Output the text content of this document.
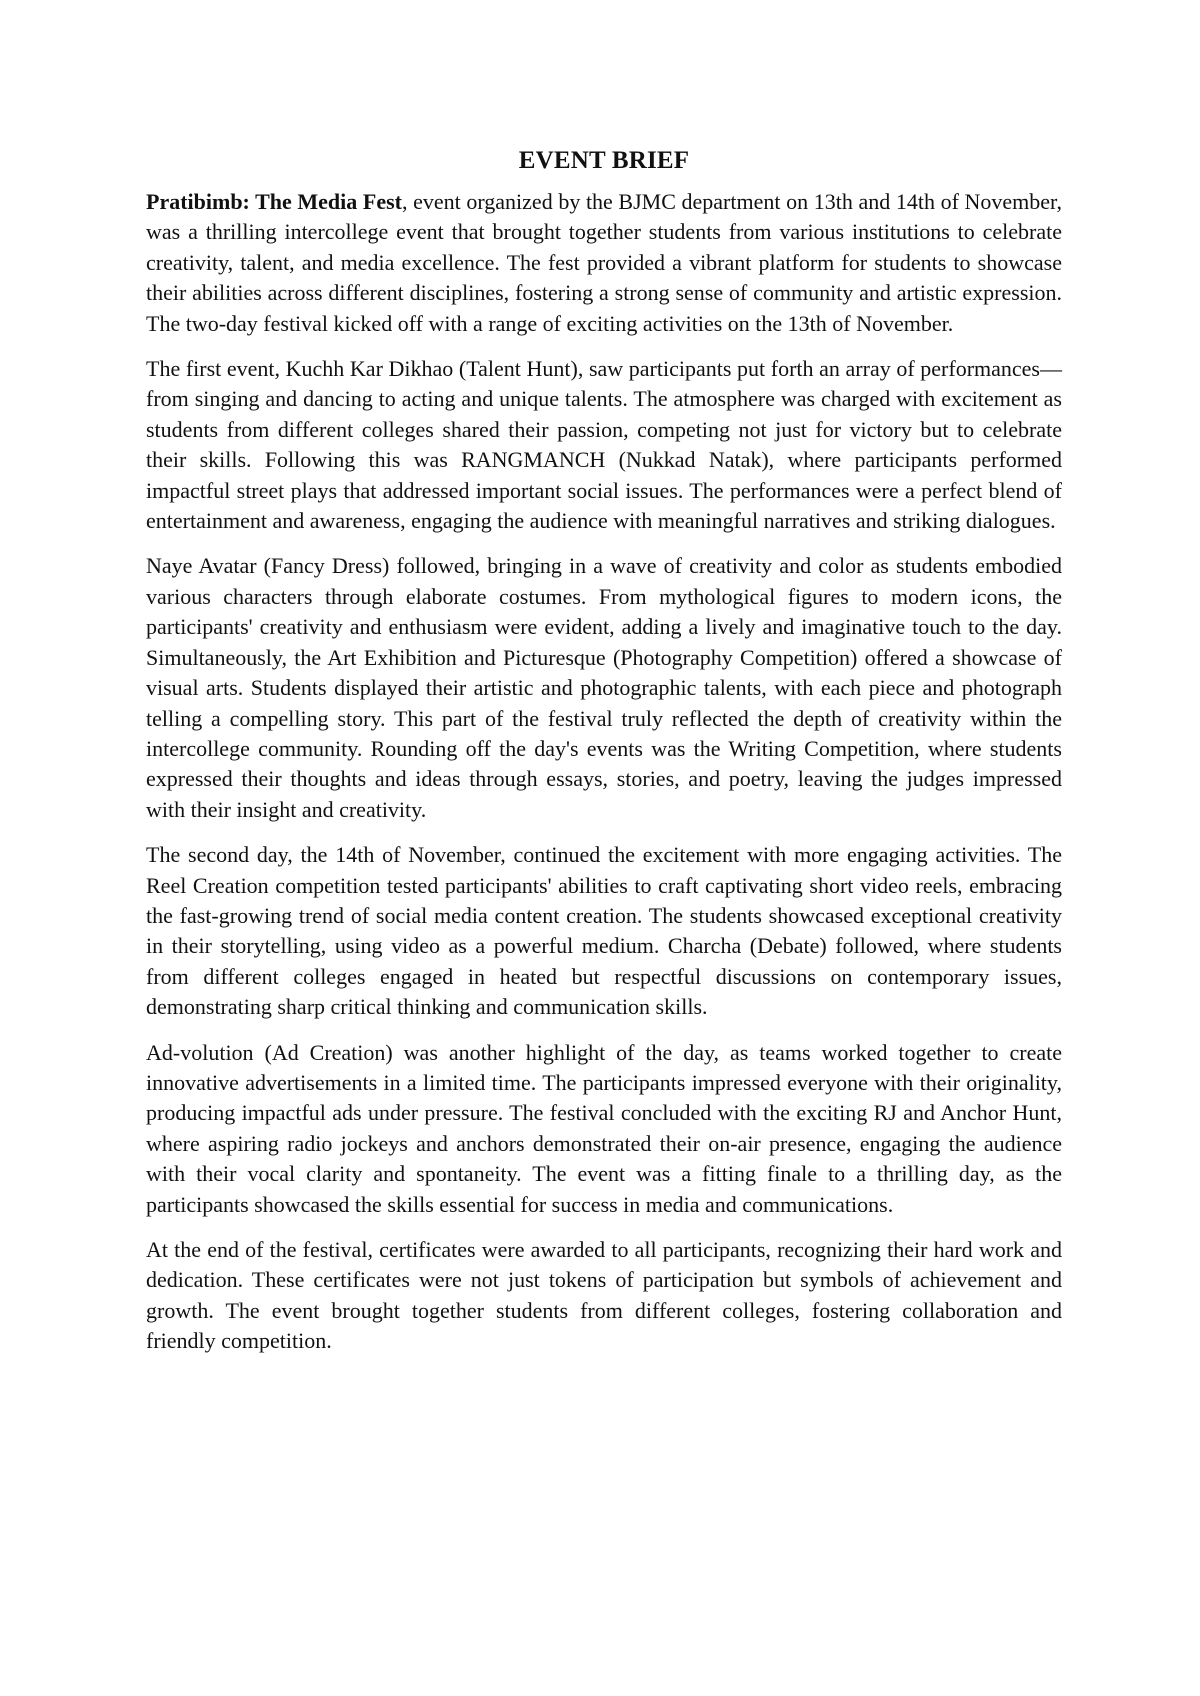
EVENT BRIEF

Pratibimb: The Media Fest, event organized by the BJMC department on 13th and 14th of November, was a thrilling intercollege event that brought together students from various institutions to celebrate creativity, talent, and media excellence. The fest provided a vibrant platform for students to showcase their abilities across different disciplines, fostering a strong sense of community and artistic expression. The two-day festival kicked off with a range of exciting activities on the 13th of November.

The first event, Kuchh Kar Dikhao (Talent Hunt), saw participants put forth an array of performances—from singing and dancing to acting and unique talents. The atmosphere was charged with excitement as students from different colleges shared their passion, competing not just for victory but to celebrate their skills. Following this was RANGMANCH (Nukkad Natak), where participants performed impactful street plays that addressed important social issues. The performances were a perfect blend of entertainment and awareness, engaging the audience with meaningful narratives and striking dialogues.

Naye Avatar (Fancy Dress) followed, bringing in a wave of creativity and color as students embodied various characters through elaborate costumes. From mythological figures to modern icons, the participants' creativity and enthusiasm were evident, adding a lively and imaginative touch to the day. Simultaneously, the Art Exhibition and Picturesque (Photography Competition) offered a showcase of visual arts. Students displayed their artistic and photographic talents, with each piece and photograph telling a compelling story. This part of the festival truly reflected the depth of creativity within the intercollege community. Rounding off the day's events was the Writing Competition, where students expressed their thoughts and ideas through essays, stories, and poetry, leaving the judges impressed with their insight and creativity.

The second day, the 14th of November, continued the excitement with more engaging activities. The Reel Creation competition tested participants' abilities to craft captivating short video reels, embracing the fast-growing trend of social media content creation. The students showcased exceptional creativity in their storytelling, using video as a powerful medium. Charcha (Debate) followed, where students from different colleges engaged in heated but respectful discussions on contemporary issues, demonstrating sharp critical thinking and communication skills.

Ad-volution (Ad Creation) was another highlight of the day, as teams worked together to create innovative advertisements in a limited time. The participants impressed everyone with their originality, producing impactful ads under pressure. The festival concluded with the exciting RJ and Anchor Hunt, where aspiring radio jockeys and anchors demonstrated their on-air presence, engaging the audience with their vocal clarity and spontaneity. The event was a fitting finale to a thrilling day, as the participants showcased the skills essential for success in media and communications.

At the end of the festival, certificates were awarded to all participants, recognizing their hard work and dedication. These certificates were not just tokens of participation but symbols of achievement and growth. The event brought together students from different colleges, fostering collaboration and friendly competition.
